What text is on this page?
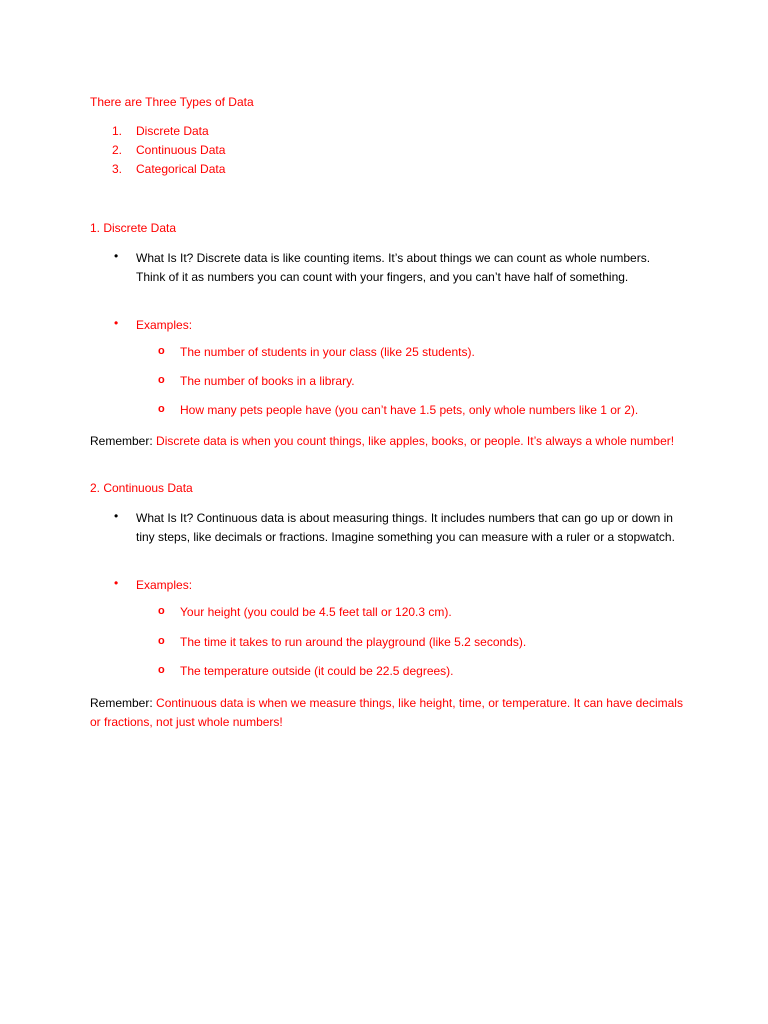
There are Three Types of Data
1. Discrete Data
2. Continuous Data
3. Categorical Data
1. Discrete Data
• What Is It? Discrete data is like counting items. It’s about things we can count as whole numbers. Think of it as numbers you can count with your fingers, and you can’t have half of something.
• Examples:
o The number of students in your class (like 25 students).
o The number of books in a library.
o How many pets people have (you can’t have 1.5 pets, only whole numbers like 1 or 2).
Remember: Discrete data is when you count things, like apples, books, or people. It’s always a whole number!
2. Continuous Data
• What Is It? Continuous data is about measuring things. It includes numbers that can go up or down in tiny steps, like decimals or fractions. Imagine something you can measure with a ruler or a stopwatch.
• Examples:
o Your height (you could be 4.5 feet tall or 120.3 cm).
o The time it takes to run around the playground (like 5.2 seconds).
o The temperature outside (it could be 22.5 degrees).
Remember: Continuous data is when we measure things, like height, time, or temperature. It can have decimals or fractions, not just whole numbers!
